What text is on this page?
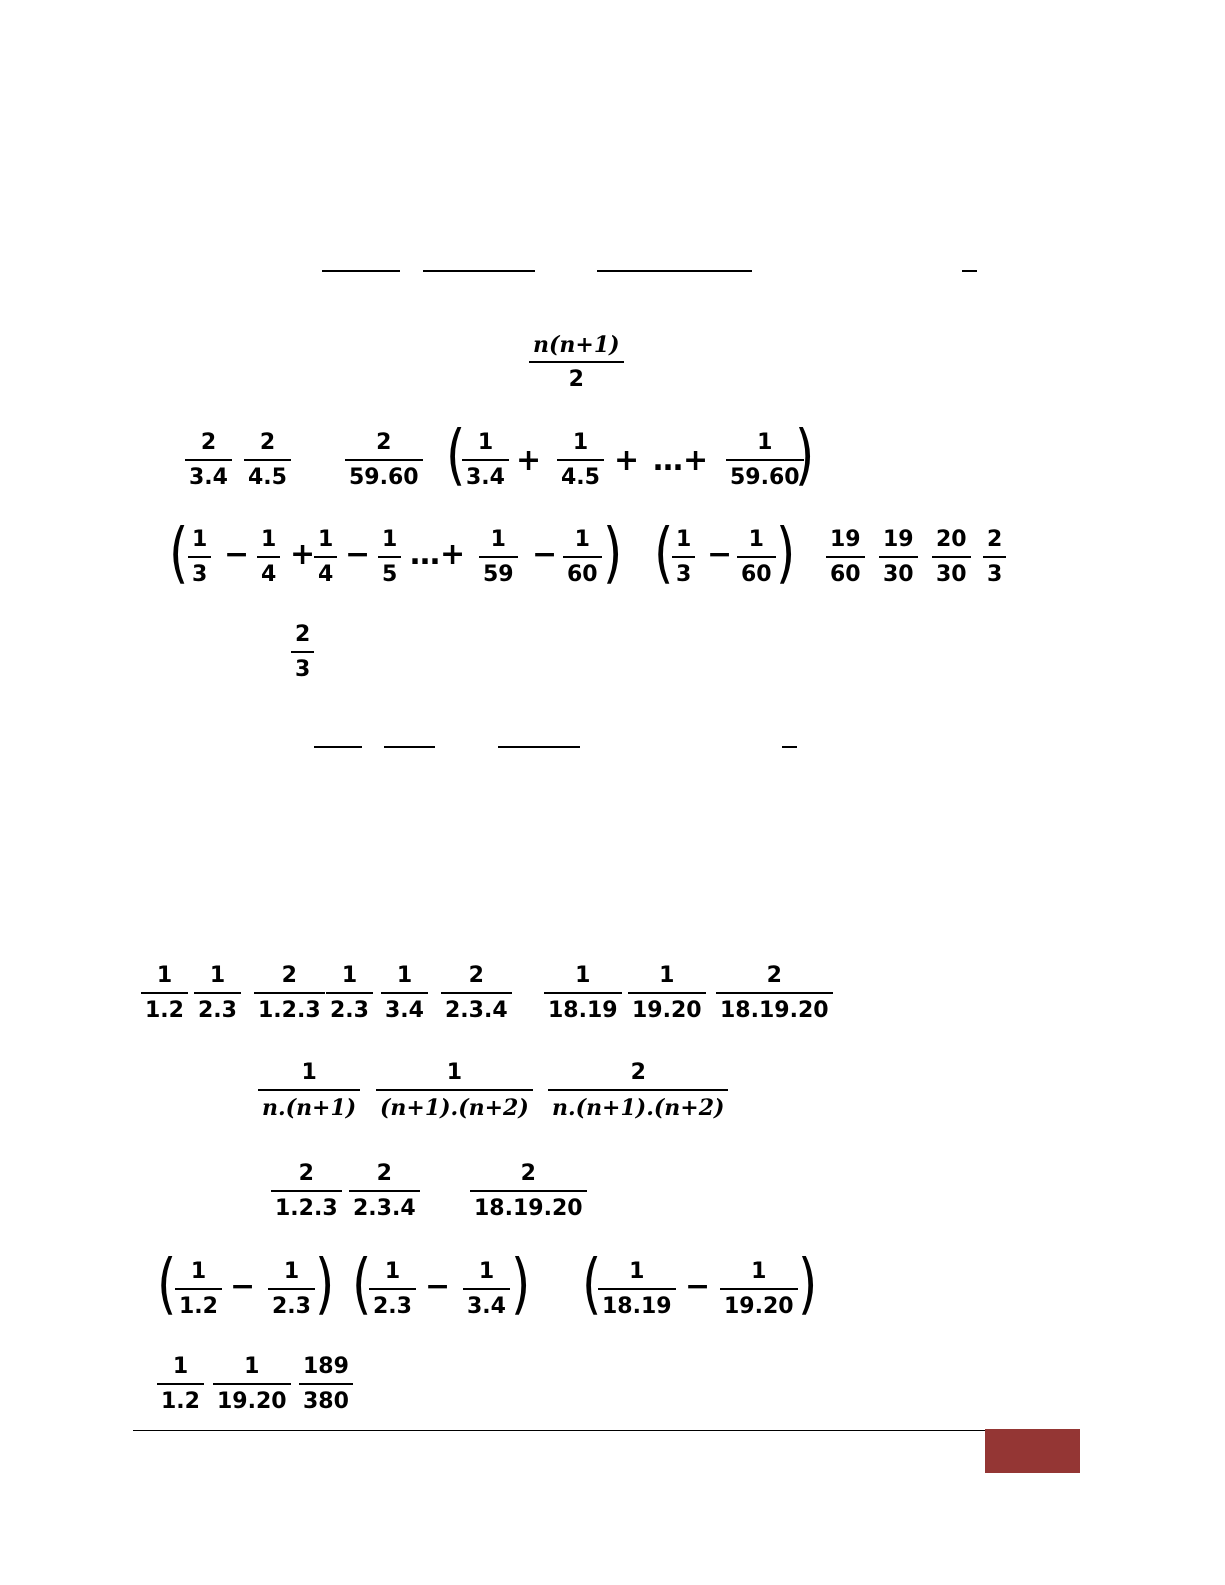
n(n+1)
2
2
3.4
2
4.5
2
59.60 ( 1
3.4 +
1
4.5 + …+
1
59.60
)
( 1
3
− 1
4
+ 1
4
− 1
5
…+ 1
59
− 1
60 ) ( 1
3
− 1
60 ) 19
60
19
30
20
30
2
3
2
3
1
1.2
1
2.3
2
1.2.3
1
2.3
1
3.4
2
2.3.4
1
18.19
1
19.20
2
18.19.20
1
n.(n+1)
1
(n+1).(n+2)
2
n.(n+1).(n+2)
2
1.2.3
2
2.3.4
2
18.19.20
( 1
1.2
− 1
2.3 ) ( 1
2.3
− 1
3.4 ) ( 1
18.19
− 1
19.20 )
1
1.2
1
19.20
189
380
